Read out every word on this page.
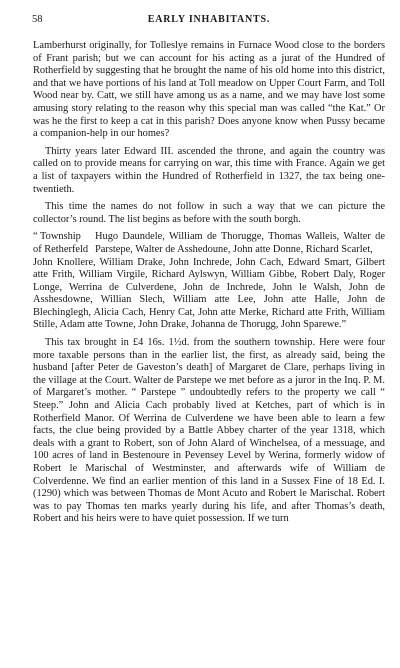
58	EARLY INHABITANTS.

Lamberhurst originally, for Tolleslye remains in Furnace Wood close to the borders of Frant parish; but we can account for his acting as a jurat of the Hundred of Rotherfield by suggesting that he brought the name of his old home into this district, and that we have portions of his land at Toll meadow on Upper Court Farm, and Toll Wood near by. Catt, we still have among us as a name, and we may have lost some amusing story relating to the reason why this special man was called “the Kat.” Or was he the first to keep a cat in this parish? Does anyone know when Pussy became a companion-help in our homes?

Thirty years later Edward III. ascended the throne, and again the country was called on to provide means for carrying on war, this time with France. Again we get a list of taxpayers within the Hundred of Rotherfield in 1327, the tax being one-twentieth.

This time the names do not follow in such a way that we can picture the collector’s round. The list begins as before with the south borgh.

“ Township
of Retherfeld
Hugo Daundele, William de Thorugge, Thomas Walleis, Walter de Parstepe, Walter de Asshedoune, John atte Donne, Richard Scarlet,
John Knollere, William Drake, John Inchrede, John Cach, Edward Smart, Gilbert atte Frith, William Virgile, Richard Aylswyn, William Gibbe, Robert Daly, Roger Longe, Werrina de Culverdene, John de Inchrede, John le Walsh, John de Asshesdowne, Willian Slech, William atte Lee, John atte Halle, John de Blechinglegh, Alicia Cach, Henry Cat, John atte Merke, Richard atte Frith, William Stille, Adam atte Towne, John Drake, Johanna de Thorugg, John Sparewe.”

This tax brought in £4 16s. 1½d. from the southern township. Here were four more taxable persons than in the earlier list, the first, as already said, being the husband [after Peter de Gaveston’s death] of Margaret de Clare, perhaps living in the village at the Court. Walter de Parstepe we met before as a juror in the Inq. P. M. of Margaret’s mother. “ Parstepe ” undoubtedly refers to the property we call “ Steep.” John and Alicia Cach probably lived at Ketches, part of which is in Rotherfield Manor. Of Werrina de Culverdene we have been able to learn a few facts, the clue being provided by a Battle Abbey charter of the year 1318, which deals with a grant to Robert, son of John Alard of Winchelsea, of a messuage, and 100 acres of land in Bestenoure in Pevensey Level by Werina, formerly widow of Robert le Marischal of Westminster, and afterwards wife of William de Colverdenne. We find an earlier mention of this land in a Sussex Fine of 18 Ed. I. (1290) which was between Thomas de Mont Acuto and Robert le Marischal. Robert was to pay Thomas ten marks yearly during his life, and after Thomas’s death, Robert and his heirs were to have quiet possession. If we turn
